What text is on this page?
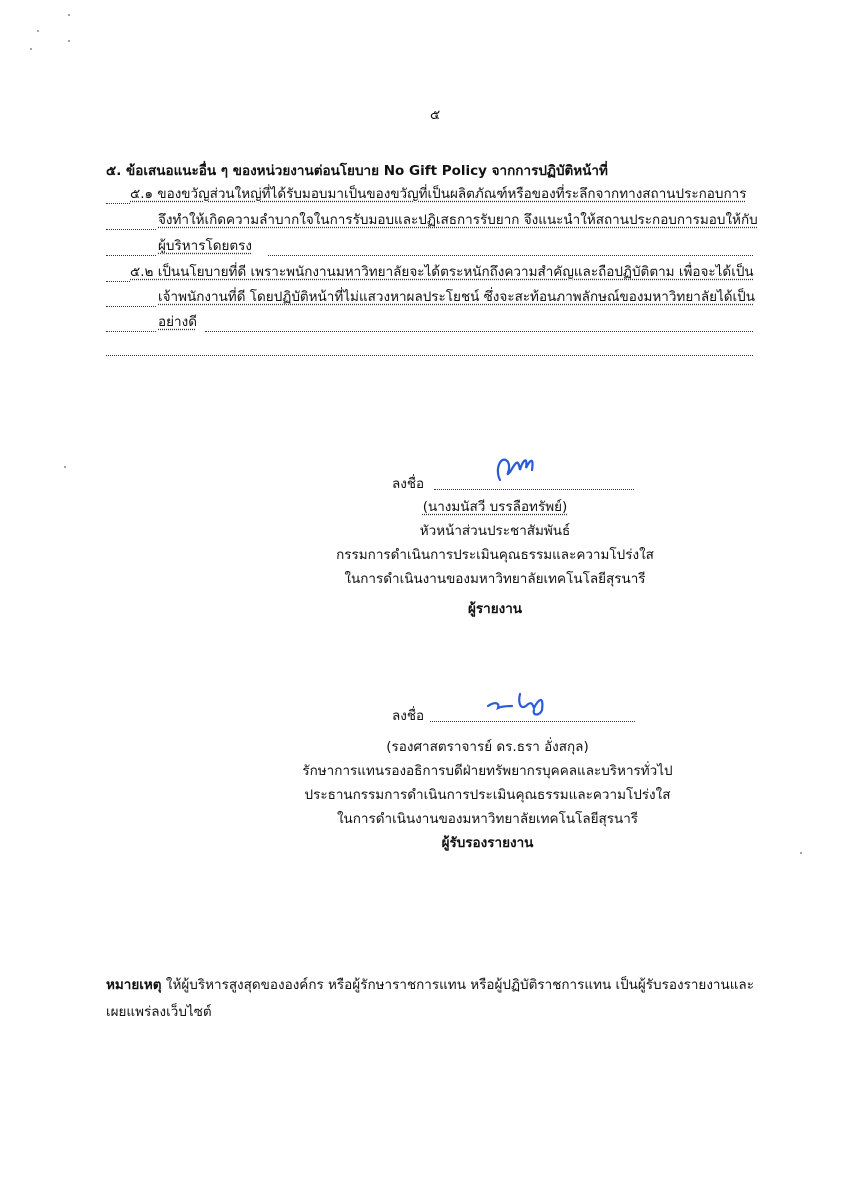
๕
๕. ข้อเสนอแนะอื่น ๆ ของหน่วยงานต่อนโยบาย No Gift Policy จากการปฏิบัติหน้าที่
๕.๑ ของขวัญส่วนใหญ่ที่ได้รับมอบมาเป็นของขวัญที่เป็นผลิตภัณฑ์หรือของที่ระลึกจากทางสถานประกอบการ
จึงทำให้เกิดความลำบากใจในการรับมอบและปฏิเสธการรับยาก จึงแนะนำให้สถานประกอบการมอบให้กับ
ผู้บริหารโดยตรง
๕.๒ เป็นนโยบายที่ดี เพราะพนักงานมหาวิทยาลัยจะได้ตระหนักถึงความสำคัญและถือปฏิบัติตาม เพื่อจะได้เป็น
เจ้าพนักงานที่ดี โดยปฏิบัติหน้าที่ไม่แสวงหาผลประโยชน์ ซึ่งจะสะท้อนภาพลักษณ์ของมหาวิทยาลัยได้เป็น
อย่างดี
ลงชื่อ
(นางมนัสวี บรรลือทรัพย์)
หัวหน้าส่วนประชาสัมพันธ์
กรรมการดำเนินการประเมินคุณธรรมและความโปร่งใส
ในการดำเนินงานของมหาวิทยาลัยเทคโนโลยีสุรนารี
ผู้รายงาน
ลงชื่อ
(รองศาสตราจารย์ ดร.ธรา อั่งสกุล)
รักษาการแทนรองอธิการบดีฝ่ายทรัพยากรบุคคลและบริหารทั่วไป
ประธานกรรมการดำเนินการประเมินคุณธรรมและความโปร่งใส
ในการดำเนินงานของมหาวิทยาลัยเทคโนโลยีสุรนารี
ผู้รับรองรายงาน
หมายเหตุ ให้ผู้บริหารสูงสุดขององค์กร หรือผู้รักษาราชการแทน หรือผู้ปฏิบัติราชการแทน เป็นผู้รับรองรายงานและ
เผยแพร่ลงเว็บไซต์
